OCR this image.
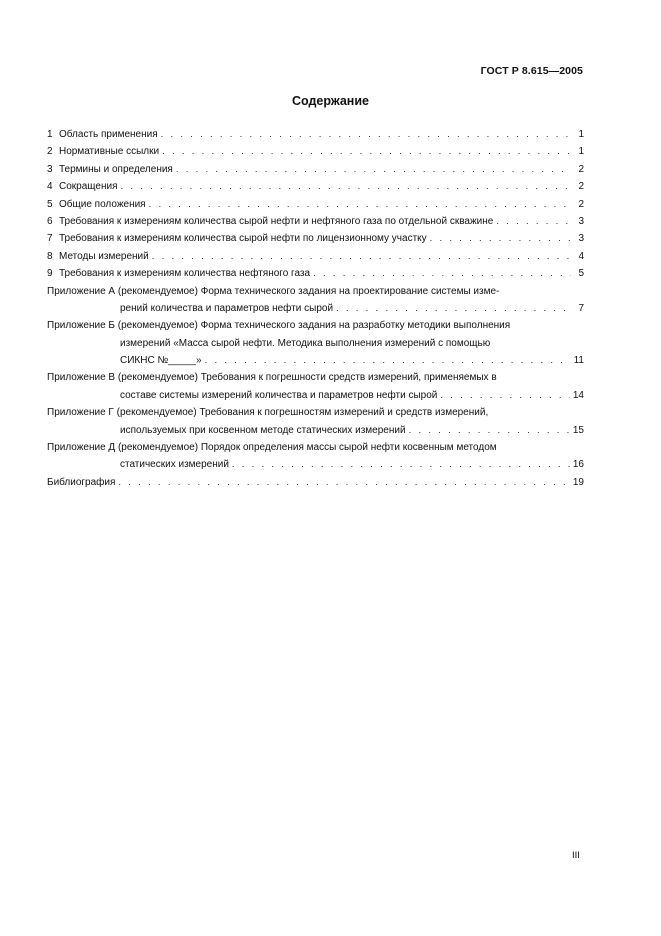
ГОСТ Р 8.615—2005
Содержание
1 Область применения . . .	1
2 Нормативные ссылки . . .	1
3 Термины и определения . . .	2
4 Сокращения . . .	2
5 Общие положения . . .	2
6 Требования к измерениям количества сырой нефти и нефтяного газа по отдельной скважине . . .	3
7 Требования к измерениям количества сырой нефти по лицензионному участку . . .	3
8 Методы измерений . . .	4
9 Требования к измерениям количества нефтяного газа . . .	5
Приложение А (рекомендуемое) Форма технического задания на проектирование системы изме-
рений количества и параметров нефти сырой . . .	7
Приложение Б (рекомендуемое) Форма технического задания на разработку методики выполнения
измерений «Масса сырой нефти. Методика выполнения измерений с помощью
СИКНС №_____» . . .	11
Приложение В (рекомендуемое) Требования к погрешности средств измерений, применяемых в
составе системы измерений количества и параметров нефти сырой . . .	14
Приложение Г (рекомендуемое) Требования к погрешностям измерений и средств измерений,
используемых при косвенном методе статических измерений . . .	15
Приложение Д (рекомендуемое) Порядок определения массы сырой нефти косвенным методом
статических измерений . . .	16
Библиография . . .	19
III
